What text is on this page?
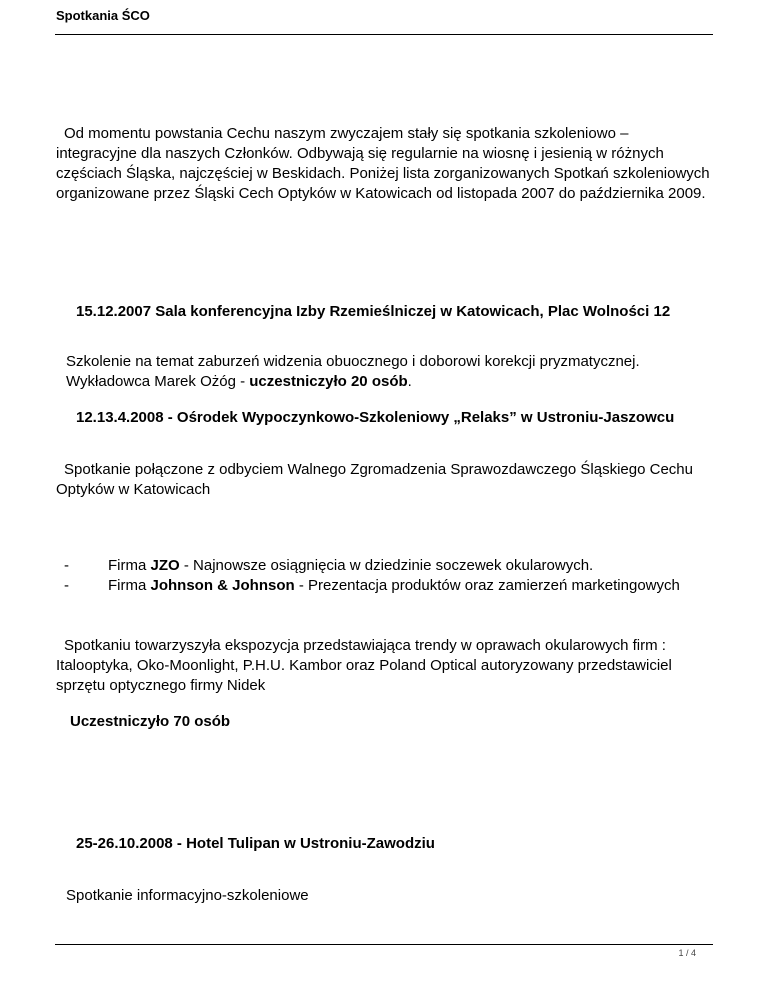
Spotkania ŚCO

Od momentu powstania Cechu naszym zwyczajem stały się spotkania szkoleniowo – integracyjne dla naszych Członków. Odbywają się regularnie na wiosnę i jesienią w różnych częściach Śląska, najczęściej w Beskidach. Poniżej lista zorganizowanych Spotkań szkoleniowych organizowane przez Śląski Cech Optyków w Katowicach od listopada 2007 do października 2009.

15.12.2007 Sala konferencyjna Izby Rzemieślniczej w Katowicach, Plac Wolności 12

Szkolenie na temat zaburzeń widzenia obuocznego i doborowi korekcji pryzmatycznej.

Wykładowca Marek Ożóg - uczestniczyło 20 osób.

12.13.4.2008 - Ośrodek Wypoczynkowo-Szkoleniowy „Relaks” w Ustroniu-Jaszowcu

Spotkanie połączone z odbyciem Walnego Zgromadzenia Sprawozdawczego Śląskiego Cechu Optyków w Katowicach

-	Firma JZO - Najnowsze osiągnięcia w dziedzinie soczewek okularowych.
-	Firma Johnson & Johnson - Prezentacja produktów oraz zamierzeń marketingowych

Spotkaniu towarzyszyła ekspozycja przedstawiająca trendy w oprawach okularowych firm : Italooptyka, Oko-Moonlight, P.H.U. Kambor oraz Poland Optical autoryzowany przedstawiciel sprzętu optycznego firmy Nidek

Uczestniczyło 70 osób

25-26.10.2008 - Hotel Tulipan w Ustroniu-Zawodziu

Spotkanie informacyjno-szkoleniowe

1 / 4
